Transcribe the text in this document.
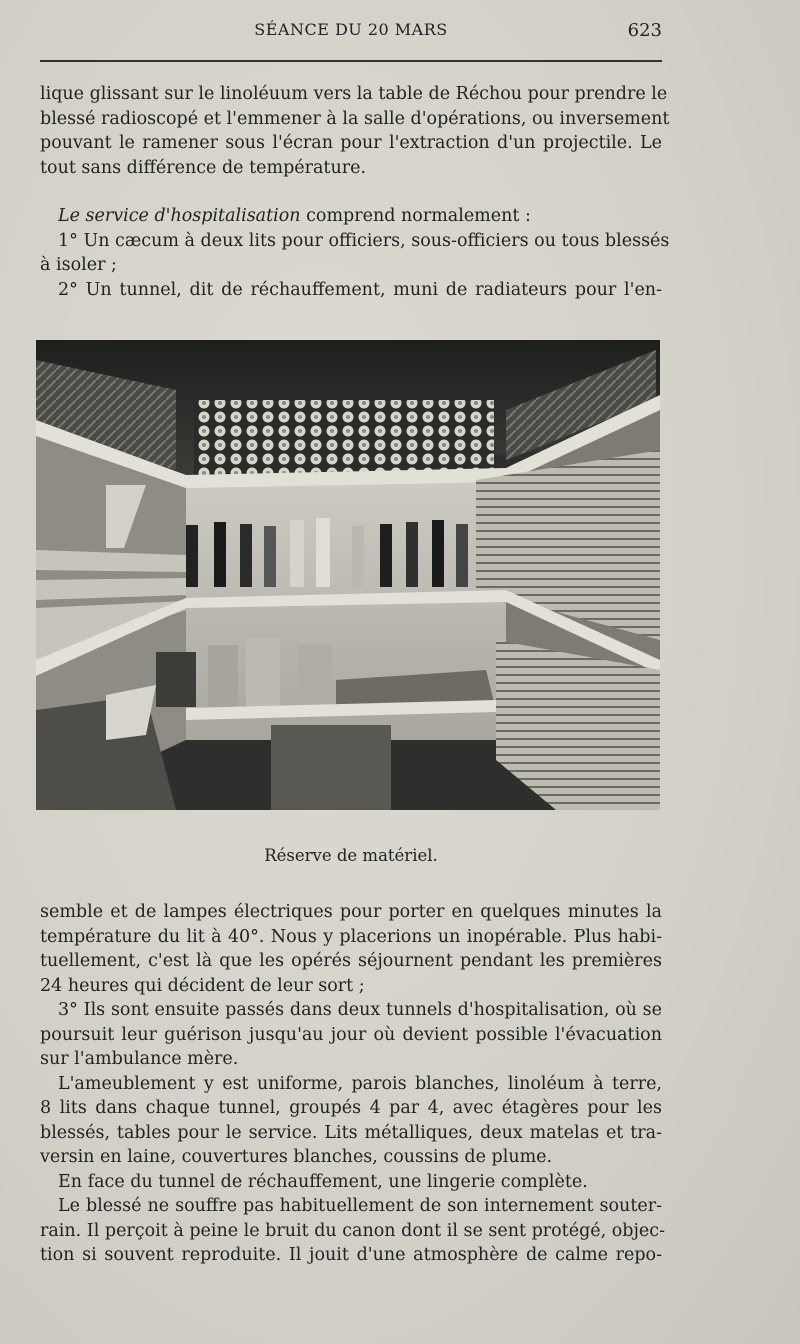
SÉANCE DU 20 MARS	623
lique glissant sur le linoléuum vers la table de Réchou pour prendre le
blessé radioscopé et l'emmener à la salle d'opérations, ou inversement
pouvant le ramener sous l'écran pour l'extraction d'un projectile. Le
tout sans différence de température.
Le service d'hospitalisation comprend normalement :
1° Un cæcum à deux lits pour officiers, sous-officiers ou tous blessés
à isoler ;
2° Un tunnel, dit de réchauffement, muni de radiateurs pour l'en-
Réserve de matériel.
semble et de lampes électriques pour porter en quelques minutes la
température du lit à 40°. Nous y placerions un inopérable. Plus habi-
tuellement, c'est là que les opérés séjournent pendant les premières
24 heures qui décident de leur sort ;
3° Ils sont ensuite passés dans deux tunnels d'hospitalisation, où se
poursuit leur guérison jusqu'au jour où devient possible l'évacuation
sur l'ambulance mère.
L'ameublement y est uniforme, parois blanches, linoléum à terre,
8 lits dans chaque tunnel, groupés 4 par 4, avec étagères pour les
blessés, tables pour le service. Lits métalliques, deux matelas et tra-
versin en laine, couvertures blanches, coussins de plume.
En face du tunnel de réchauffement, une lingerie complète.
Le blessé ne souffre pas habituellement de son internement souter-
rain. Il perçoit à peine le bruit du canon dont il se sent protégé, objec-
tion si souvent reproduite. Il jouit d'une atmosphère de calme repo-
